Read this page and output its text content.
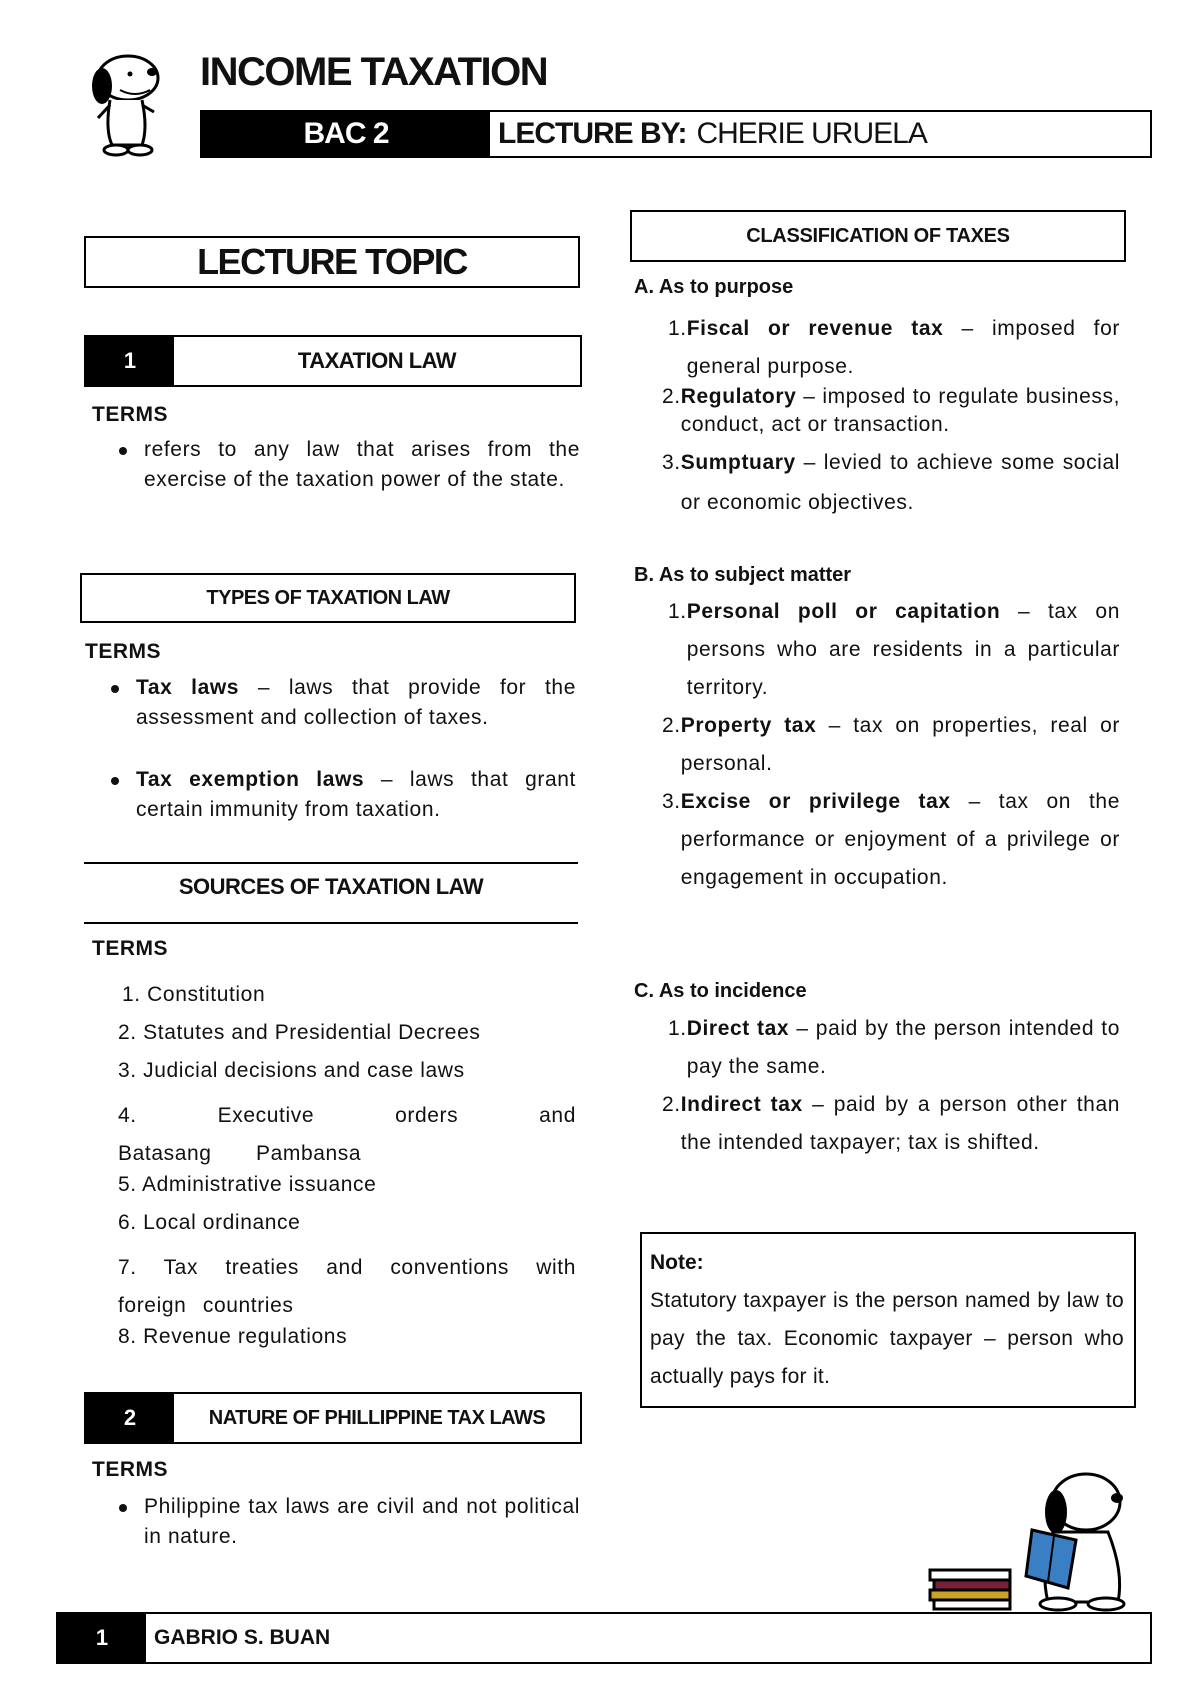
INCOME TAXATION
BAC 2	LECTURE BY: CHERIE URUELA
LECTURE TOPIC
1	TAXATION LAW
TERMS
refers to any law that arises from the exercise of the taxation power of the state.
TYPES OF TAXATION LAW
TERMS
Tax laws – laws that provide for the assessment and collection of taxes.
Tax exemption laws – laws that grant certain immunity from taxation.
SOURCES OF TAXATION LAW
TERMS
1. Constitution
2. Statutes and Presidential Decrees
3. Judicial decisions and case laws
4. Executive orders and Batasang Pambansa
5. Administrative issuance
6. Local ordinance
7. Tax treaties and conventions with foreign countries
8. Revenue regulations
2	NATURE OF PHILLIPPINE TAX LAWS
TERMS
Philippine tax laws are civil and not political in nature.
CLASSIFICATION OF TAXES
A. As to purpose
1. Fiscal or revenue tax – imposed for general purpose.
2. Regulatory – imposed to regulate business, conduct, act or transaction.
3. Sumptuary – levied to achieve some social or economic objectives.
B. As to subject matter
1. Personal poll or capitation – tax on persons who are residents in a particular territory.
2. Property tax – tax on properties, real or personal.
3. Excise or privilege tax – tax on the performance or enjoyment of a privilege or engagement in occupation.
C. As to incidence
1. Direct tax – paid by the person intended to pay the same.
2. Indirect tax – paid by a person other than the intended taxpayer; tax is shifted.
Note:
Statutory taxpayer is the person named by law to pay the tax. Economic taxpayer – person who actually pays for it.
1	GABRIO S. BUAN
